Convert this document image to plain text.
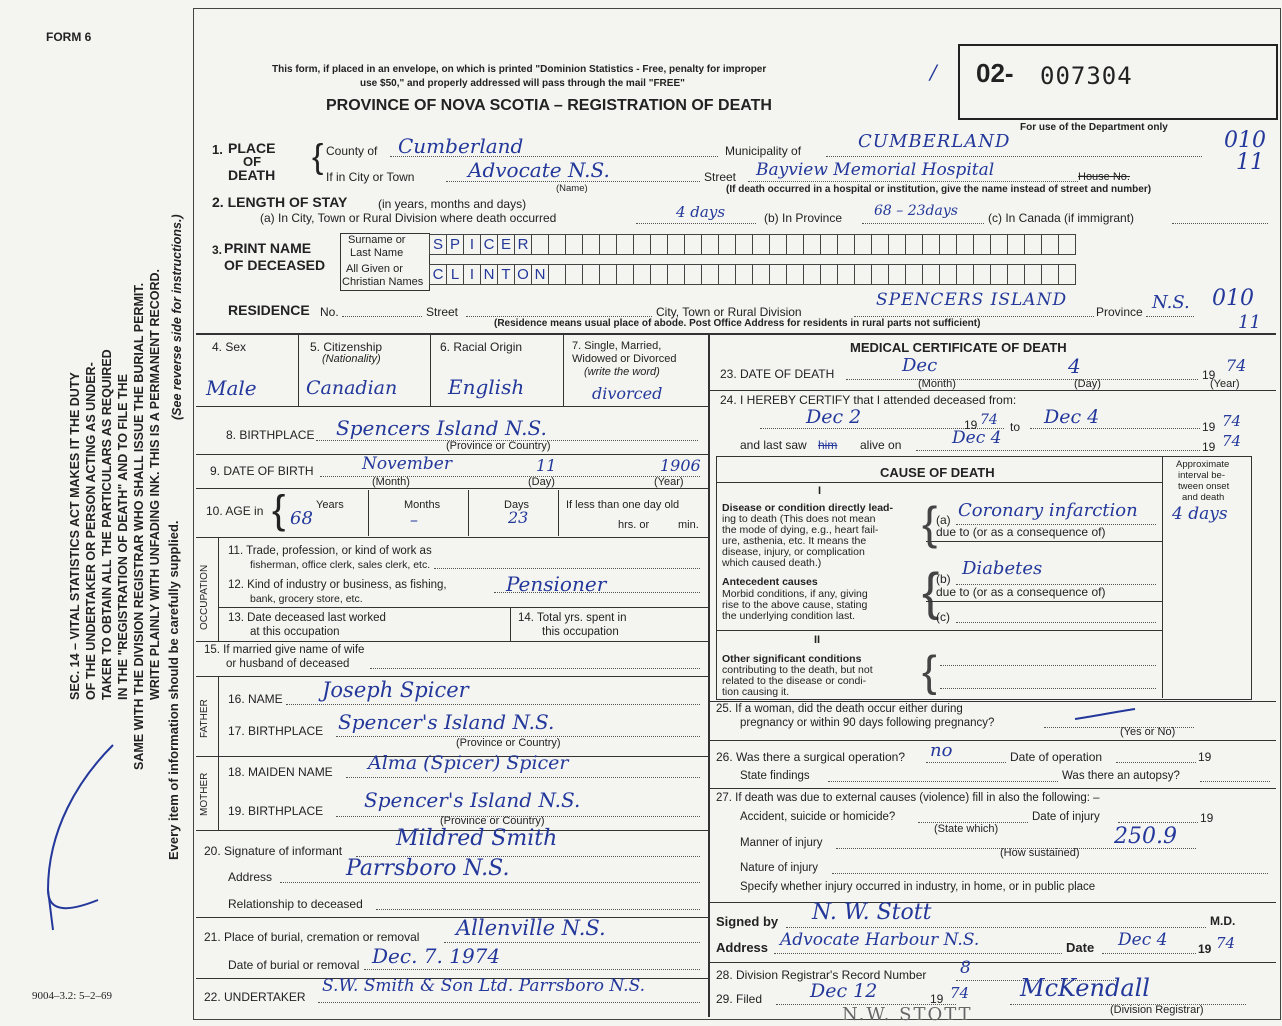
FORM 6
This form, if placed in an envelope, on which is printed "Dominion Statistics - Free, penalty for improper
use $50," and properly addressed will pass through the mail "FREE"
PROVINCE OF NOVA SCOTIA – REGISTRATION OF DEATH
/ 02- 007304
For use of the Department only
SEC. 14 – VITAL STATISTICS ACT MAKES IT THE DUTY OF THE UNDERTAKER OR PERSON ACTING AS UNDER- TAKER TO OBTAIN ALL THE PARTICULARS AS REQUIRED IN THE "REGISTRATION OF DEATH" AND TO FILE THE SAME WITH THE DIVISION REGISTRAR WHO SHALL ISSUE THE BURIAL PERMIT. WRITE PLAINLY WITH UNFADING INK. THIS IS A PERMANENT RECORD. Every item of information should be carefully supplied.
(See reverse side for instructions.)
1. PLACE
OF
DEATH { County of Cumberland	Municipality of	CUMBERLAND	010
If in City or Town	Advocate N.S.
(Name)
Street Bayview Memorial Hospital	House No.
11
(If death occurred in a hospital or institution, give the name instead of street and number)
2. LENGTH OF STAY	(in years, months and days)
(a) In City, Town or Rural Division where death occurred	4 days	(b) In Province 68 – 23days	(c) In Canada (if immigrant)
3. PRINT NAME
OF DECEASED
Surname or
Last Name
All Given or
Christian Names
S P I C E R
C L I N T O N
RESIDENCE No.	Street	City, Town or Rural Division
SPENCERS ISLAND
Province N.S. 010
11
(Residence means usual place of abode. Post Office Address for residents in rural parts not sufficient)
4. Sex
Male
5. Citizenship
(Nationality)
Canadian
6. Racial Origin
English
7. Single, Married,
Widowed or Divorced
(write the word)
divorced
8. BIRTHPLACE Spencers Island N.S.
(Province or Country)
9. DATE OF BIRTH	November	11	1906
(Month)	(Day)	(Year)
10. AGE in {	Years
68
Months
–
Days
23
If less than one day old
hrs. or	min.
OCCUPATION
11. Trade, profession, or kind of work as
fisherman, office clerk, sales clerk, etc.
12. Kind of industry or business, as fishing,
bank, grocery store, etc.
Pensioner
13. Date deceased last worked
at this occupation
14. Total yrs. spent in
this occupation
15. If married give name of wife
or husband of deceased
FATHER
16. NAME Joseph Spicer
17. BIRTHPLACE Spencer's Island N.S.
(Province or Country)
MOTHER
18. MAIDEN NAME Alma (Spicer) Spicer
19. BIRTHPLACE Spencer's Island N.S.
(Province or Country)
20. Signature of informant Mildred Smith
Address	Parrsboro N.S.
Relationship to deceased
21. Place of burial, cremation or removal Allenville N.S.
Date of burial or removal Dec. 7. 1974
22. UNDERTAKER
S.W. Smith & Son Ltd. Parrsboro N.S.
9004–3.2: 5–2–69
N.W. STOTT
MEDICAL CERTIFICATE OF DEATH
23. DATE OF DEATH	Dec	4	19 74
(Month)	(Day)	(Year)
24. I HEREBY CERTIFY that I attended deceased from:
Dec 2	19 74 to Dec 4	19 74
and last saw him alive on	Dec 4	19 74
CAUSE OF DEATH
Approximate
interval be-
tween onset
and death
I
Disease or condition directly lead-
ing to death (This does not mean
the mode of dying, e.g., heart fail-
ure, asthenia, etc. It means the
disease, injury, or complication
which caused death.)
(a) Coronary infarction 4 days
due to (or as a consequence of)
{
Antecedent causes
Morbid conditions, if any, giving
rise to the above cause, stating
the underlying condition last. {
(b) Diabetes
due to (or as a consequence of)
(c)
II
Other significant conditions
contributing to the death, but not
related to the disease or condi-
tion causing it.	{
25. If a woman, did the death occur either during
pregnancy or within 90 days following pregnancy?
(Yes or No)
26. Was there a surgical operation? no	Date of operation	19
State findings	Was there an autopsy?
27. If death was due to external causes (violence) fill in also the following: –
Accident, suicide or homicide?	Date of injury	19
(State which)
Manner of injury	250.9
(How sustained)
Nature of injury
Specify whether injury occurred in industry, in home, or in public place
Signed by N. W. Stott	M.D.
Address Advocate Harbour N.S.	Date Dec 4	19 74
28. Division Registrar's Record Number 8
29. Filed	Dec 12	19 74 McKendall
(Division Registrar)
